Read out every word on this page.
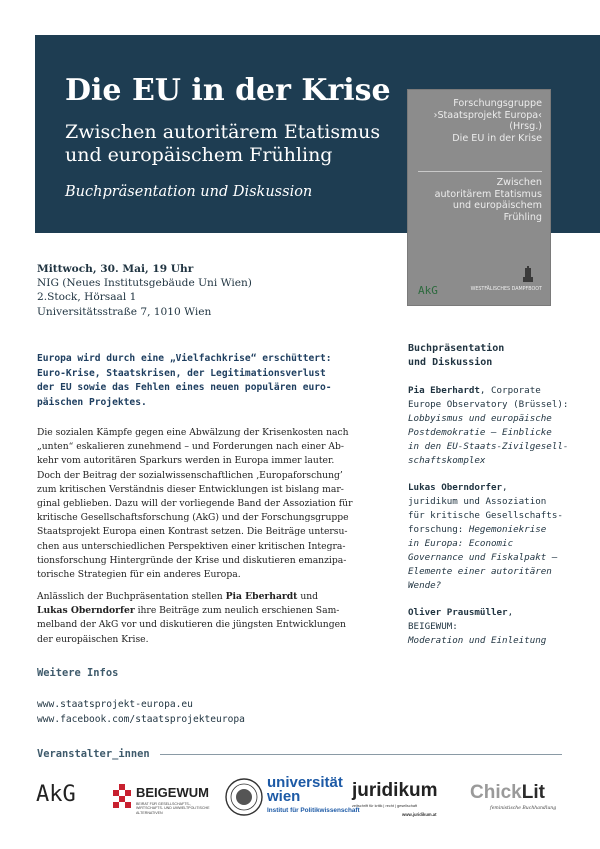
Die EU in der Krise
Zwischen autoritärem Etatismus
und europäischem Frühling
Buchpräsentation und Diskussion
Forschungsgruppe
›Staatsprojekt Europa‹
(Hrsg.)
Die EU in der Krise
Zwischen
autoritärem Etatismus
und europäischem
Frühling
AkG	WESTFÄLISCHES DAMPFBOOT
Mittwoch, 30. Mai, 19 Uhr
NIG (Neues Institutsgebäude Uni Wien)
2.Stock, Hörsaal 1
Universitätsstraße 7, 1010 Wien
Europa wird durch eine „Vielfachkrise“ erschüttert:
Euro-Krise, Staatskrisen, der Legitimationsverlust
der EU sowie das Fehlen eines neuen populären euro-
päischen Projektes.
Die sozialen Kämpfe gegen eine Abwälzung der Krisenkosten nach
„unten“ eskalieren zunehmend – und Forderungen nach einer Ab-
kehr vom autoritären Sparkurs werden in Europa immer lauter.
Doch der Beitrag der sozialwissenschaftlichen ‚Europaforschung’
zum kritischen Verständnis dieser Entwicklungen ist bislang mar-
ginal geblieben. Dazu will der vorliegende Band der Assoziation für
kritische Gesellschaftsforschung (AkG) und der Forschungsgruppe
Staatsprojekt Europa einen Kontrast setzen. Die Beiträge untersu-
chen aus unterschiedlichen Perspektiven einer kritischen Integra-
tionsforschung Hintergründe der Krise und diskutieren emanzipa-
torische Strategien für ein anderes Europa.
Anlässlich der Buchpräsentation stellen Pia Eberhardt und
Lukas Oberndorfer ihre Beiträge zum neulich erschienen Sam-
melband der AkG vor und diskutieren die jüngsten Entwicklungen
der europäischen Krise.
Buchpräsentation
und Diskussion
Pia Eberhardt, Corporate
Europe Observatory (Brüssel):
Lobbyismus und europäische
Postdemokratie – Einblicke
in den EU-Staats-Zivilgesell-
schaftskomplex
Lukas Oberndorfer,
juridikum und Assoziation
für kritische Gesellschafts-
forschung: Hegemoniekrise
in Europa: Economic
Governance und Fiskalpakt –
Elemente einer autoritären
Wende?
Oliver Prausmüller,
BEIGEWUM:
Moderation und Einleitung
Weitere Infos
www.staatsprojekt-europa.eu
www.facebook.com/staatsprojekteuropa
Veranstalter_innen
AkG	BEIGEWUM
BEIRAT FÜR GESELLSCHAFTS-, WIRTSCHAFTS- UND UMWELTPOLITISCHE ALTERNATIVEN
universität
wien
Institut für Politikwissenschaft
juridikum
zeitschrift für kritik | recht | gesellschaft
www.juridikum.at
ChickLit
feministische Buchhandlung
